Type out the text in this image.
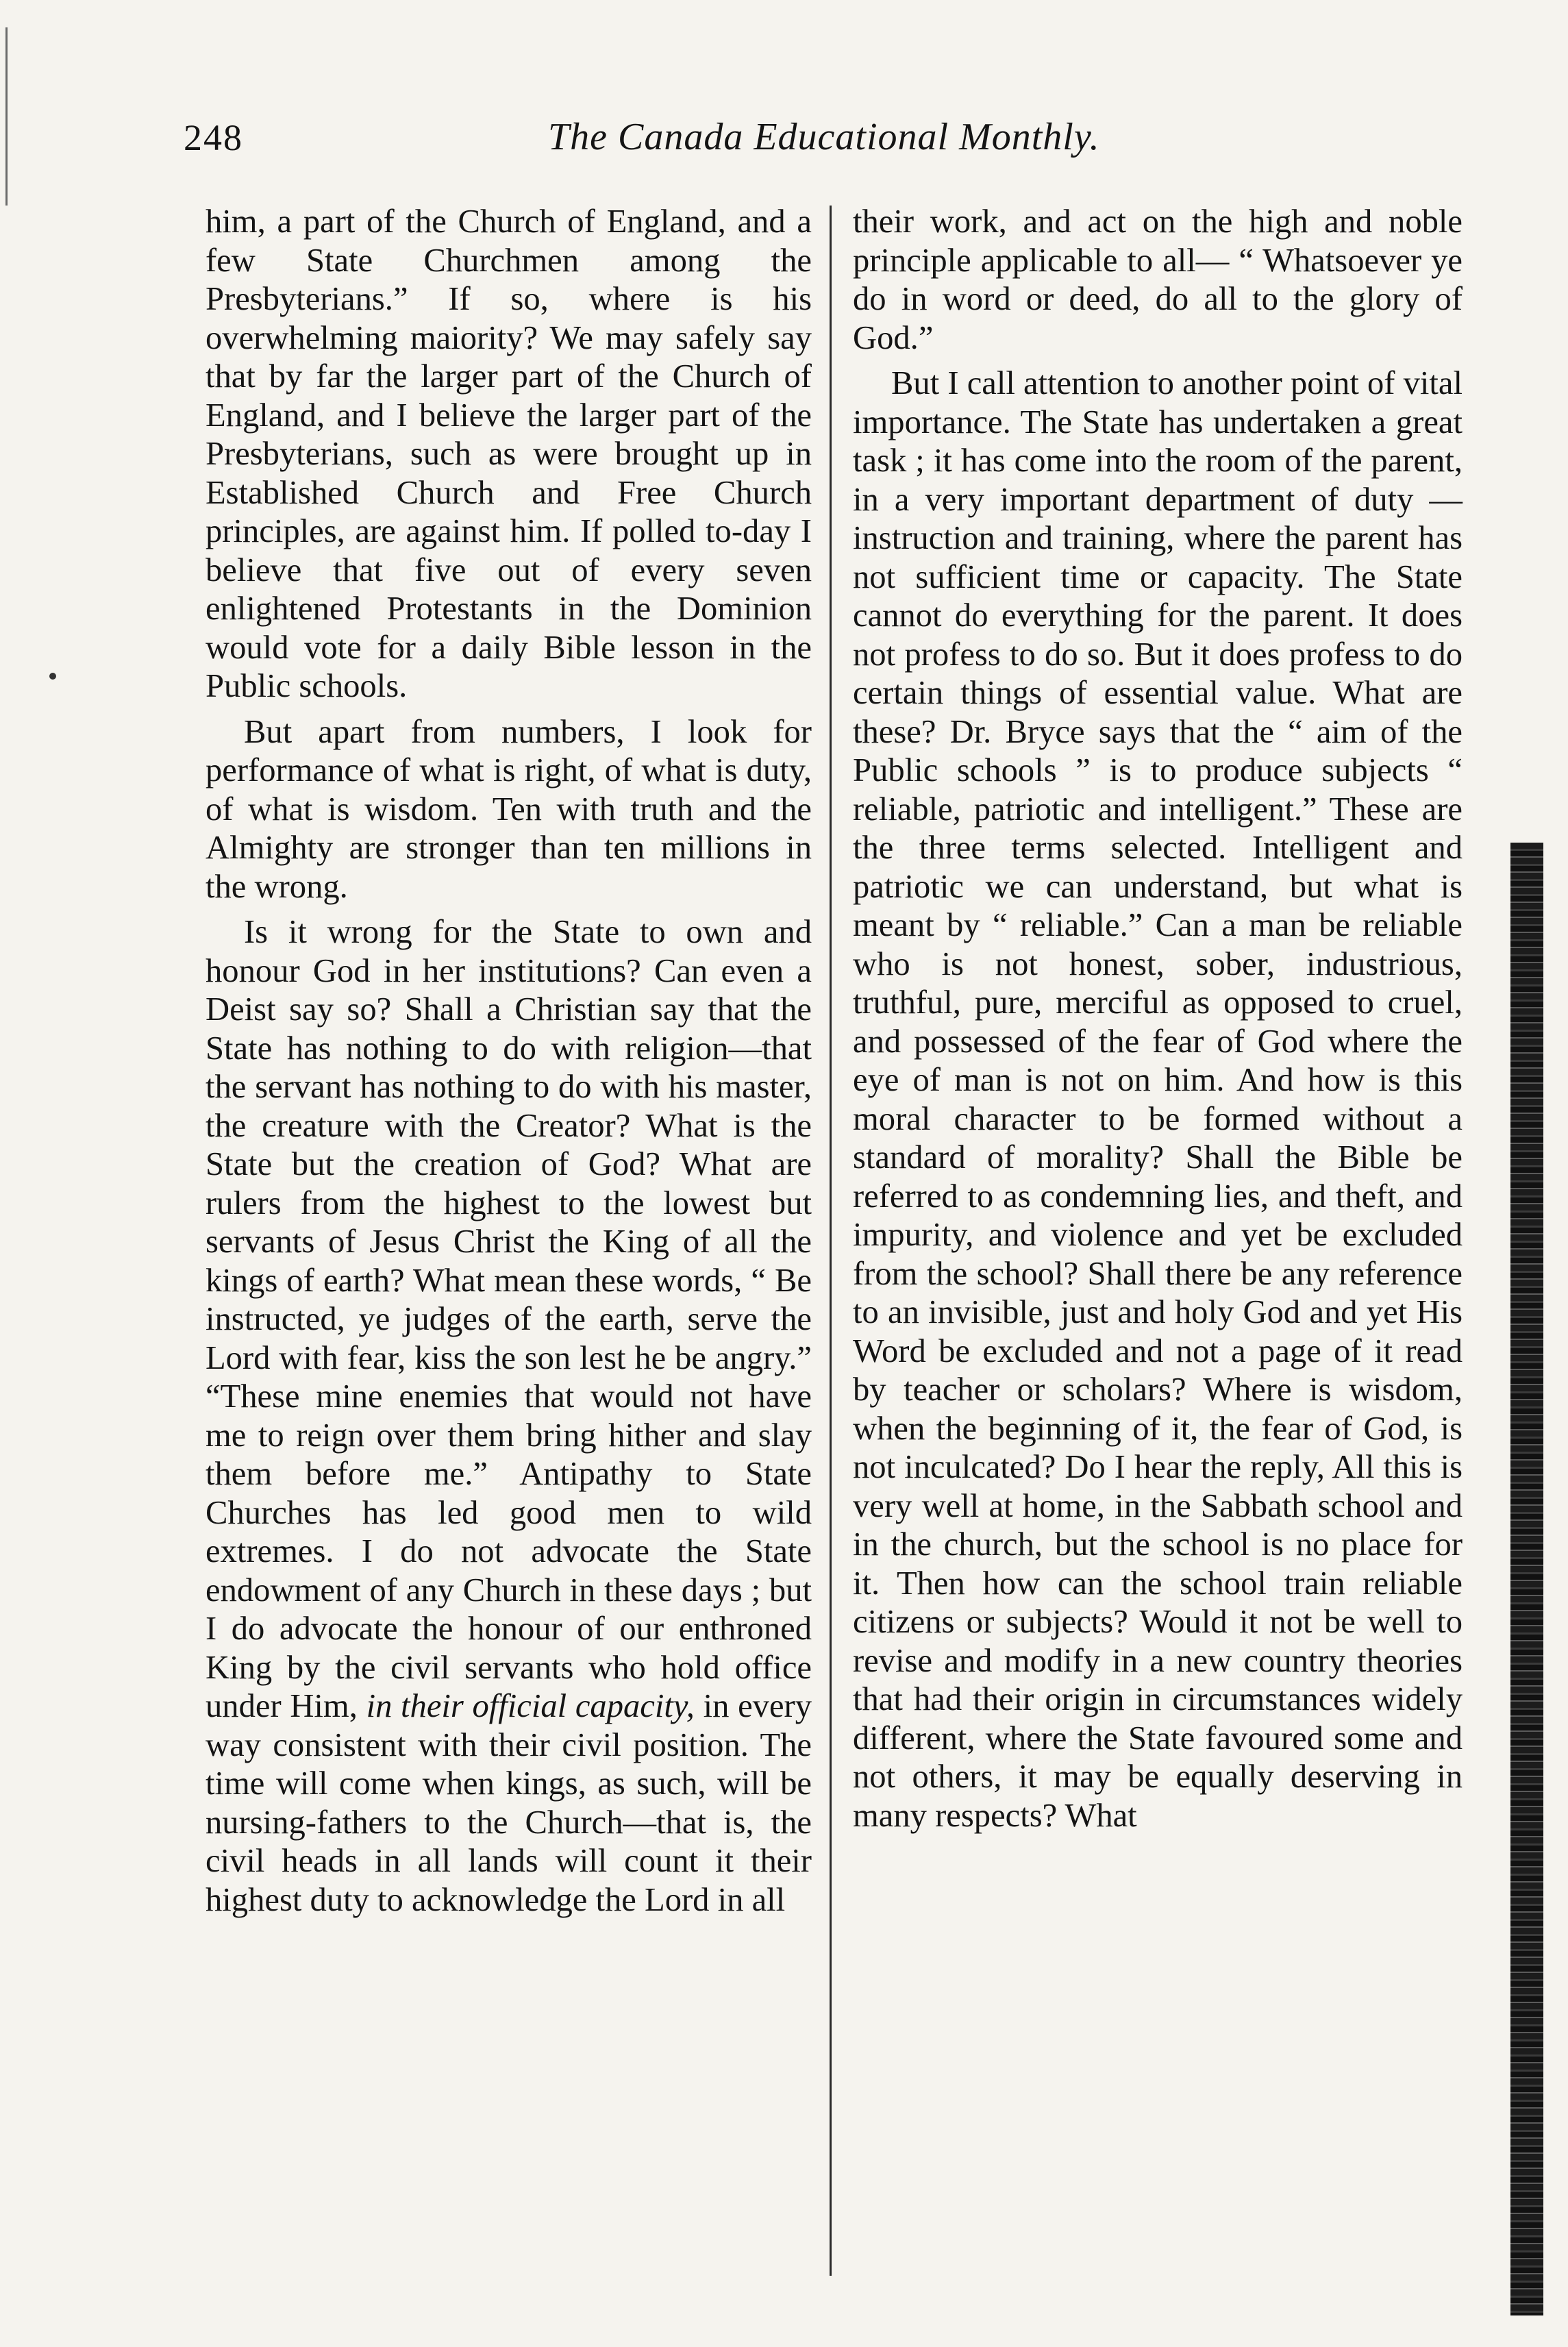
248	The Canada Educational Monthly.

him, a part of the Church of England, and a few State Churchmen among the Presbyterians.” If so, where is his overwhelming maiority? We may safely say that by far the larger part of the Church of England, and I believe the larger part of the Presbyterians, such as were brought up in Established Church and Free Church principles, are against him. If polled to-day I believe that five out of every seven enlightened Protestants in the Dominion would vote for a daily Bible lesson in the Public schools.

But apart from numbers, I look for performance of what is right, of what is duty, of what is wisdom. Ten with truth and the Almighty are stronger than ten millions in the wrong.

Is it wrong for the State to own and honour God in her institutions? Can even a Deist say so? Shall a Christian say that the State has nothing to do with religion—that the servant has nothing to do with his master, the creature with the Creator? What is the State but the creation of God? What are rulers from the highest to the lowest but servants of Jesus Christ the King of all the kings of earth? What mean these words, “ Be instructed, ye judges of the earth, serve the Lord with fear, kiss the son lest he be angry.” “These mine enemies that would not have me to reign over them bring hither and slay them before me.” Antipathy to State Churches has led good men to wild extremes. I do not advocate the State endowment of any Church in these days ; but I do advocate the honour of our enthroned King by the civil servants who hold office under Him, in their official capacity, in every way consistent with their civil position. The time will come when kings, as such, will be nursing-fathers to the Church—that is, the civil heads in all lands will count it their highest duty to acknowledge the Lord in all

their work, and act on the high and noble principle applicable to all— “ Whatsoever ye do in word or deed, do all to the glory of God.”

But I call attention to another point of vital importance. The State has undertaken a great task ; it has come into the room of the parent, in a very important department of duty —instruction and training, where the parent has not sufficient time or capacity. The State cannot do everything for the parent. It does not profess to do so. But it does profess to do certain things of essential value. What are these? Dr. Bryce says that the “ aim of the Public schools ” is to produce subjects “ reliable, patriotic and intelligent.” These are the three terms selected. Intelligent and patriotic we can understand, but what is meant by “ reliable.” Can a man be reliable who is not honest, sober, industrious, truthful, pure, merciful as opposed to cruel, and possessed of the fear of God where the eye of man is not on him. And how is this moral character to be formed without a standard of morality? Shall the Bible be referred to as condemning lies, and theft, and impurity, and violence and yet be excluded from the school? Shall there be any reference to an invisible, just and holy God and yet His Word be excluded and not a page of it read by teacher or scholars? Where is wisdom, when the beginning of it, the fear of God, is not inculcated? Do I hear the reply, All this is very well at home, in the Sabbath school and in the church, but the school is no place for it. Then how can the school train reliable citizens or subjects? Would it not be well to revise and modify in a new country theories that had their origin in circumstances widely different, where the State favoured some and not others, it may be equally deserving in many respects? What
